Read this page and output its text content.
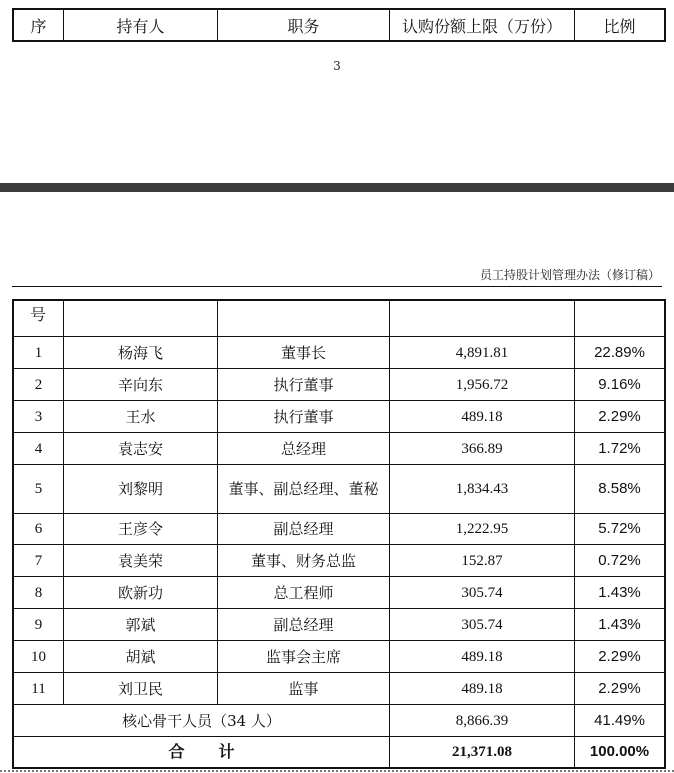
序	持有人	职务	认购份额上限（万份）	比例
3
员工持股计划管理办法（修订稿）
号				
1	杨海飞	董事长	4,891.81	22.89%
2	辛向东	执行董事	1,956.72	9.16%
3	王水	执行董事	489.18	2.29%
4	袁志安	总经理	366.89	1.72%
5	刘黎明	董事、副总经理、董秘	1,834.43	8.58%
6	王彦令	副总经理	1,222.95	5.72%
7	袁美荣	董事、财务总监	152.87	0.72%
8	欧新功	总工程师	305.74	1.43%
9	郭斌	副总经理	305.74	1.43%
10	胡斌	监事会主席	489.18	2.29%
11	刘卫民	监事	489.18	2.29%
核心骨干人员（34 人）			8,866.39	41.49%
合计			21,371.08	100.00%
